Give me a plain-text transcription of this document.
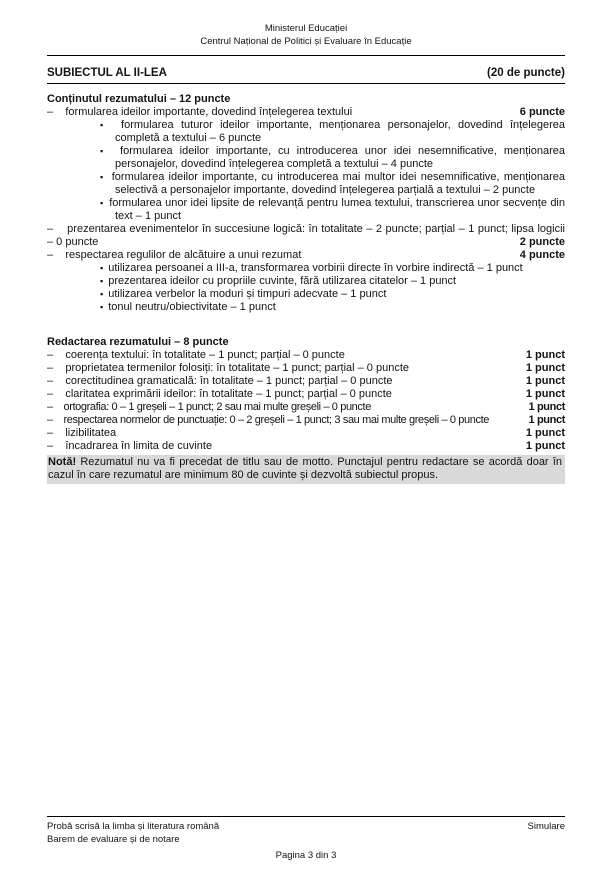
Ministerul Educației
Centrul Național de Politici și Evaluare în Educație
SUBIECTUL AL II-LEA	(20 de puncte)
Conținutul rezumatului – 12 puncte
–   formularea ideilor importante, dovedind înțelegerea textului	6 puncte
▪  formularea tuturor ideilor importante, menționarea personajelor, dovedind înțelegerea completă a textului – 6 puncte
▪  formularea ideilor importante, cu introducerea unor idei nesemnificative, menționarea personajelor, dovedind înțelegerea completă a textului – 4 puncte
▪  formularea ideilor importante, cu introducerea mai multor idei nesemnificative, menționarea selectivă a personajelor importante, dovedind înțelegerea parțială a textului – 2 puncte
▪  formularea unor idei lipsite de relevanță pentru lumea textului, transcrierea unor secvențe din text – 1 punct
–   prezentarea evenimentelor în succesiune logică: în totalitate – 2 puncte; parțial – 1 punct; lipsa logicii – 0 puncte	2 puncte
–   respectarea regulilor de alcătuire a unui rezumat	4 puncte
▪  utilizarea persoanei a III-a, transformarea vorbirii directe în vorbire indirectă – 1 punct
▪  prezentarea ideilor cu propriile cuvinte, fără utilizarea citatelor – 1 punct
▪  utilizarea verbelor la moduri și timpuri adecvate – 1 punct
▪  tonul neutru/obiectivitate – 1 punct
Redactarea rezumatului – 8 puncte
–   coerența textului: în totalitate – 1 punct; parțial – 0 puncte	1 punct
–   proprietatea termenilor folosiți: în totalitate – 1 punct; parțial – 0 puncte	1 punct
–   corectitudinea gramaticală: în totalitate – 1 punct; parțial – 0 puncte	1 punct
–   claritatea exprimării ideilor: în totalitate – 1 punct; parțial – 0 puncte	1 punct
–   ortografia: 0 – 1 greșeli – 1 punct; 2 sau mai multe greșeli – 0 puncte	1 punct
–   respectarea normelor de punctuație: 0 – 2 greșeli – 1 punct; 3 sau mai multe greșeli – 0 puncte	1 punct
–   lizibilitatea	1 punct
–   încadrarea în limita de cuvinte	1 punct
Notă! Rezumatul nu va fi precedat de titlu sau de motto. Punctajul pentru redactare se acordă doar în cazul în care rezumatul are minimum 80 de cuvinte și dezvoltă subiectul propus.
Probă scrisă la limba și literatura română	Simulare
Barem de evaluare și de notare
Pagina 3 din 3
